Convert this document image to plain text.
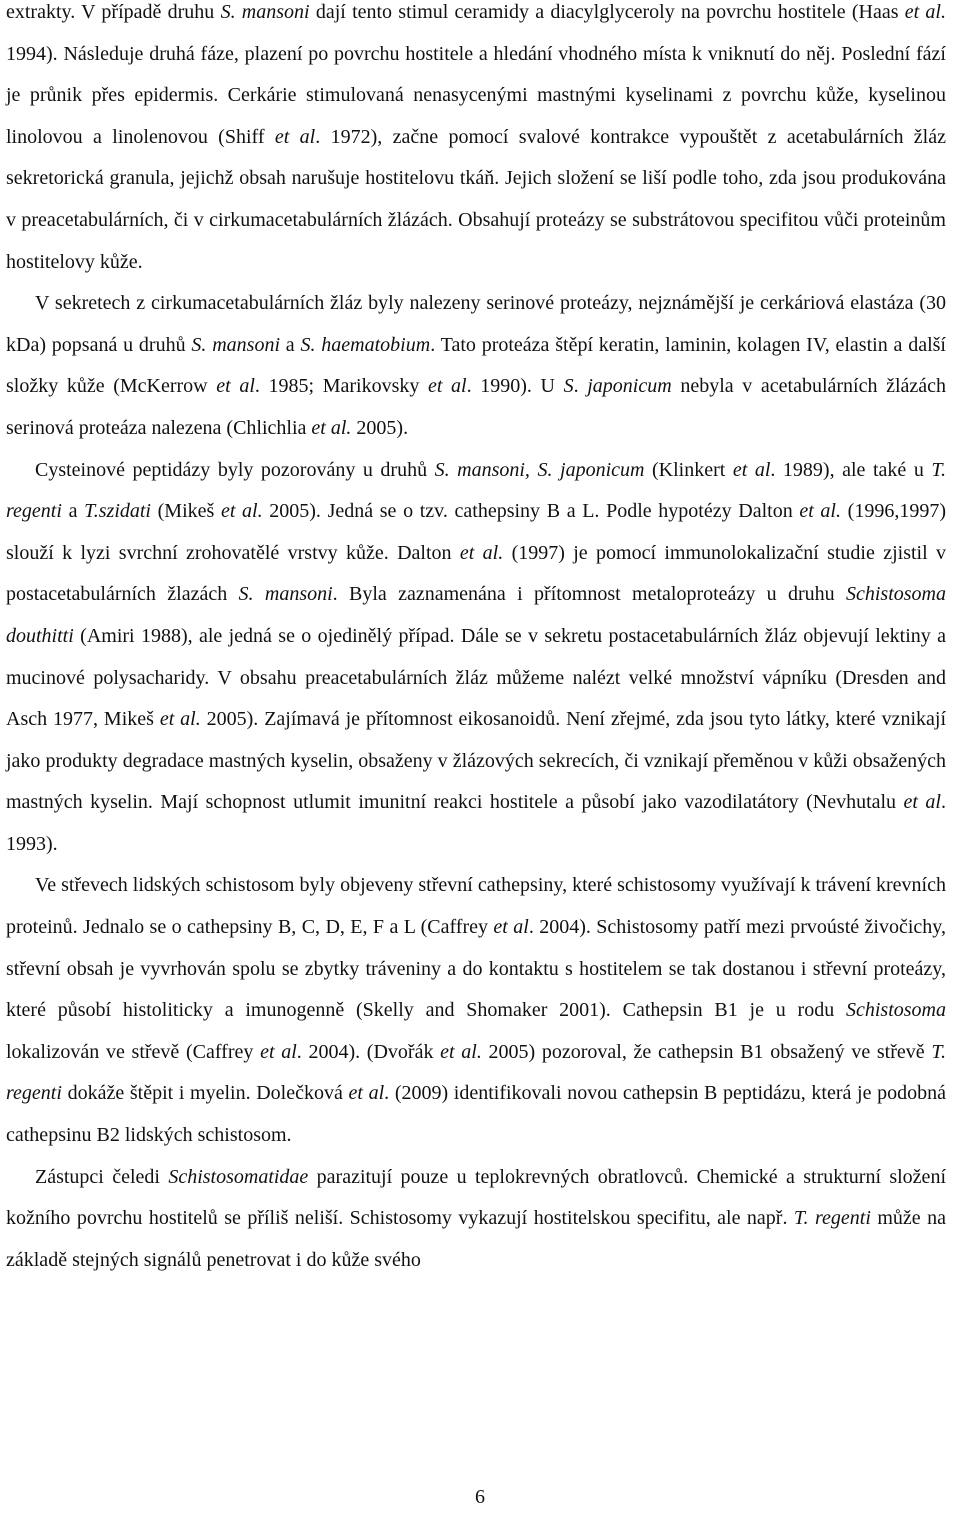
extrakty. V případě druhu S. mansoni dají tento stimul ceramidy a diacylglyceroly na povrchu hostitele (Haas et al. 1994). Následuje druhá fáze, plazení po povrchu hostitele a hledání vhodného místa k vniknutí do něj. Poslední fází je průnik přes epidermis. Cerkárie stimulovaná nenasycenými mastnými kyselinami z povrchu kůže, kyselinou linolovou a linolenovou (Shiff et al. 1972), začne pomocí svalové kontrakce vypouštět z acetabulárních žláz sekretorická granula, jejichž obsah narušuje hostitelovu tkáň. Jejich složení se liší podle toho, zda jsou produkována v preacetabulárních, či v cirkumacetabulárních žlázách. Obsahují proteázy se substrátovou specifitou vůči proteinům hostitelovy kůže.

V sekretech z cirkumacetabulárních žláz byly nalezeny serinové proteázy, nejznámější je cerkáriová elastáza (30 kDa) popsaná u druhů S. mansoni a S. haematobium. Tato proteáza štěpí keratin, laminin, kolagen IV, elastin a další složky kůže (McKerrow et al. 1985; Marikovsky et al. 1990). U S. japonicum nebyla v acetabulárních žlázách serinová proteáza nalezena (Chlichlia et al. 2005).

Cysteinové peptidázy byly pozorovány u druhů S. mansoni, S. japonicum (Klinkert et al. 1989), ale také u T. regenti a T.szidati (Mikeš et al. 2005). Jedná se o tzv. cathepsiny B a L. Podle hypotézy Dalton et al. (1996,1997) slouží k lyzi svrchní zrohovatělé vrstvy kůže. Dalton et al. (1997) je pomocí immunolokalizační studie zjistil v postacetabulárních žlazách S. mansoni. Byla zaznamenána i přítomnost metaloproteázy u druhu Schistosoma douthitti (Amiri 1988), ale jedná se o ojedinělý případ. Dále se v sekretu postacetabulárních žláz objevují lektiny a mucinové polysacharidy. V obsahu preacetabulárních žláz můžeme nalézt velké množství vápníku (Dresden and Asch 1977, Mikeš et al. 2005). Zajímavá je přítomnost eikosanoidů. Není zřejmé, zda jsou tyto látky, které vznikají jako produkty degradace mastných kyselin, obsaženy v žlázových sekrecích, či vznikají přeměnou v kůži obsažených mastných kyselin. Mají schopnost utlumit imunitní reakci hostitele a působí jako vazodilatátory (Nevhutalu et al. 1993).

Ve střevech lidských schistosom byly objeveny střevní cathepsiny, které schistosomy využívají k trávení krevních proteinů. Jednalo se o cathepsiny B, C, D, E, F a L (Caffrey et al. 2004). Schistosomy patří mezi prvoústé živočichy, střevní obsah je vyvrhován spolu se zbytky tráveniny a do kontaktu s hostitelem se tak dostanou i střevní proteázy, které působí histoliticky a imunogenně (Skelly and Shomaker 2001). Cathepsin B1 je u rodu Schistosoma lokalizován ve střevě (Caffrey et al. 2004). (Dvořák et al. 2005) pozoroval, že cathepsin B1 obsažený ve střevě T. regenti dokáže štěpit i myelin. Dolečková et al. (2009) identifikovali novou cathepsin B peptidázu, která je podobná cathepsinu B2 lidských schistosom.

Zástupci čeledi Schistosomatidae parazitují pouze u teplokrevných obratlovců. Chemické a strukturní složení kožního povrchu hostitelů se příliš neliší. Schistosomy vykazují hostitelskou specifitu, ale např. T. regenti může na základě stejných signálů penetrovat i do kůže svého

6
